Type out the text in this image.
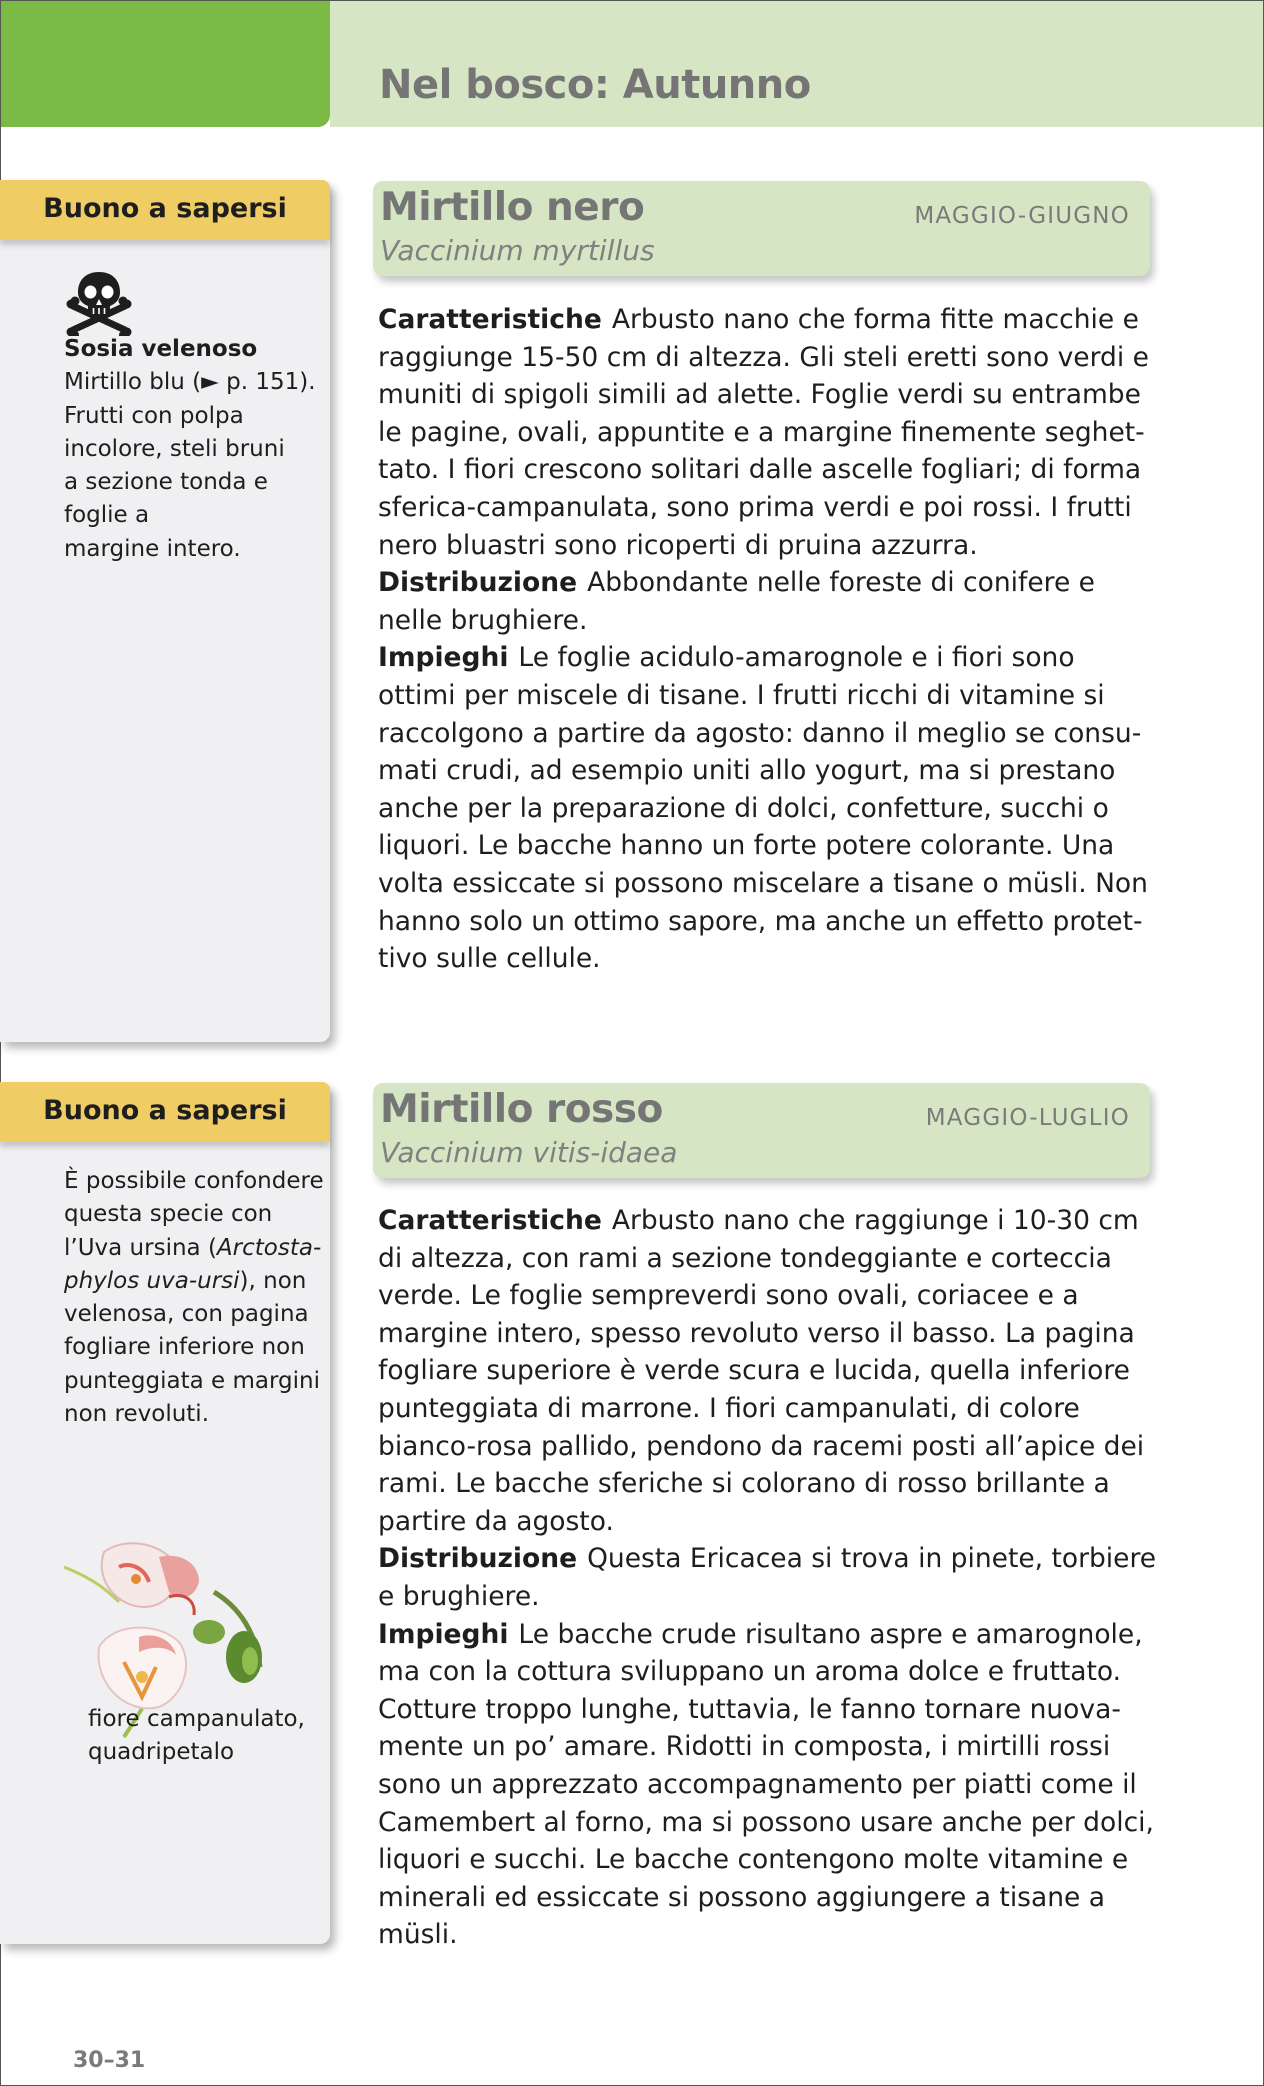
Nel bosco: Autunno
Buono a sapersi
Sosia velenoso
Mirtillo blu (► p. 151).
Frutti con polpa
incolore, steli bruni
a sezione tonda e
foglie a
margine intero.
Mirtillo nero
Vaccinium myrtillus
MAGGIO-GIUGNO

Caratteristiche Arbusto nano che forma fitte macchie e raggiunge 15-50 cm di altezza. Gli steli eretti sono verdi e muniti di spigoli simili ad alette. Foglie verdi su entrambe le pagine, ovali, appuntite e a margine finemente seghettato. I fiori crescono solitari dalle ascelle fogliari; di forma sferica-campanulata, sono prima verdi e poi rossi. I frutti nero bluastri sono ricoperti di pruina azzurra.

Distribuzione Abbondante nelle foreste di conifere e nelle brughiere.

Impieghi Le foglie acidulo-amarognole e i fiori sono ottimi per miscele di tisane. I frutti ricchi di vitamine si raccolgono a partire da agosto: danno il meglio se consumati crudi, ad esempio uniti allo yogurt, ma si prestano anche per la preparazione di dolci, confetture, succhi o liquori. Le bacche hanno un forte potere colorante. Una volta essiccate si possono miscelare a tisane o müsli. Non hanno solo un ottimo sapore, ma anche un effetto protettivo sulle cellule.

Buono a sapersi
È possibile confondere
questa specie con
l’Uva ursina (Arctosta-
phylos uva-ursi), non
velenosa, con pagina
fogliare inferiore non
punteggiata e margini
non revoluti.
fiore campanulato,
quadripetalo
Mirtillo rosso
Vaccinium vitis-idaea
MAGGIO-LUGLIO

Caratteristiche Arbusto nano che raggiunge i 10-30 cm di altezza, con rami a sezione tondeggiante e corteccia verde. Le foglie sempreverdi sono ovali, coriacee e a margine intero, spesso revoluto verso il basso. La pagina fogliare superiore è verde scura e lucida, quella inferiore punteggiata di marrone. I fiori campanulati, di colore bianco-rosa pallido, pendono da racemi posti all’apice dei rami. Le bacche sferiche si colorano di rosso brillante a partire da agosto.

Distribuzione Questa Ericacea si trova in pinete, torbiere e brughiere.

Impieghi Le bacche crude risultano aspre e amarognole, ma con la cottura sviluppano un aroma dolce e fruttato. Cotture troppo lunghe, tuttavia, le fanno tornare nuovamente un po’ amare. Ridotti in composta, i mirtilli rossi sono un apprezzato accompagnamento per piatti come il Camembert al forno, ma si possono usare anche per dolci, liquori e succhi. Le bacche contengono molte vitamine e minerali ed essiccate si possono aggiungere a tisane a müsli.

30–31
